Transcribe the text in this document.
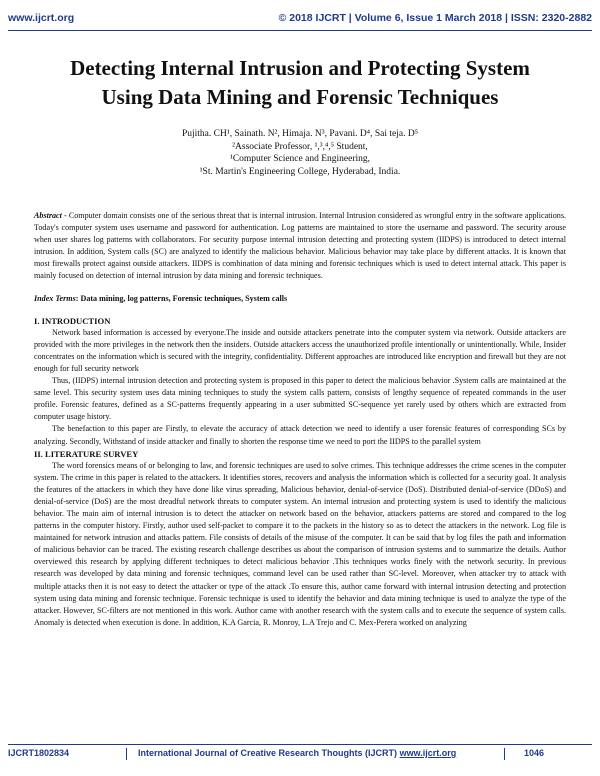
www.ijcrt.org	© 2018 IJCRT | Volume 6, Issue 1 March 2018 | ISSN: 2320-2882
Detecting Internal Intrusion and Protecting System
Using Data Mining and Forensic Techniques
Pujitha. CH¹, Sainath. N², Himaja. N³, Pavani. D⁴, Sai teja. D⁵
²Associate Professor, ¹,³,⁴,⁵ Student,
¹Computer Science and Engineering,
¹St. Martin's Engineering College, Hyderabad, India.

Abstract - Computer domain consists one of the serious threat that is internal intrusion. Internal Intrusion considered as wrongful entry in the software applications. Today's computer system uses username and password for authentication. Log patterns are maintained to store the username and password. The security arouse when user shares log patterns with collaborators. For security purpose internal intrusion detecting and protecting system (IIDPS) is introduced to detect internal intrusion. In addition, System calls (SC) are analyzed to identify the malicious behavior. Malicious behavior may take place by different attacks. It is known that most firewalls protect against outside attackers. IIDPS is combination of data mining and forensic techniques which is used to detect internal attack. This paper is mainly focused on detection of internal intrusion by data mining and forensic techniques.

Index Terms: Data mining, log patterns, Forensic techniques, System calls

I. INTRODUCTION

Network based information is accessed by everyone.The inside and outside attackers penetrate into the computer system via network. Outside attackers are provided with the more privileges in the network then the insiders. Outside attackers access the unauthorized profile intentionally or unintentionally. While, Insider concentrates on the information which is secured with the integrity, confidentiality. Different approaches are introduced like encryption and firewall but they are not enough for full security network

Thus, (IIDPS) internal intrusion detection and protecting system is proposed in this paper to detect the malicious behavior .System calls are maintained at the same level. This security system uses data mining techniques to study the system calls pattern, consists of lengthy sequence of repeated commands in the user profile. Forensic features, defined as a SC-patterns frequently appearing in a user submitted SC-sequence yet rarely used by others which are extracted from computer usage history.

The benefaction to this paper are Firstly, to elevate the accuracy of attack detection we need to identify a user forensic features of corresponding SCs by analyzing. Secondly, Withstand of inside attacker and finally to shorten the response time we need to port the IIDPS to the parallel system

II. LITERATURE SURVEY

The word forensics means of or belonging to law, and forensic techniques are used to solve crimes. This technique addresses the crime scenes in the computer system. The crime in this paper is related to the attackers. It identifies stores, recovers and analysis the information which is collected for a security goal. It analysis the features of the attackers in which they have done like virus spreading, Malicious behavior, denial-of-service (DoS). Distributed denial-of-service (DDoS) and denial-of-service (DoS) are the most dreadful network threats to computer system. An internal intrusion and protecting system is used to identify the malicious behavior. The main aim of internal intrusion is to detect the attacker on network based on the behavior, attackers patterns are stored and compared to the log patterns in the computer history. Firstly, author used self-packet to compare it to the packets in the history so as to detect the attackers in the network. Log file is maintained for network intrusion and attacks pattern. File consists of details of the misuse of the computer. It can be said that by log files the path and information of malicious behavior can be traced. The existing research challenge describes us about the comparison of intrusion systems and to summarize the details. Author overviewed this research by applying different techniques to detect malicious behavior .This techniques works finely with the network security. In previous research was developed by data mining and forensic techniques, command level can be used rather than SC-level. Moreover, when attacker try to attack with multiple attacks then it is not easy to detect the attacker or type of the attack .To ensure this, author came forward with internal intrusion detecting and protection system using data mining and forensic technique. Forensic technique is used to identify the behavior and data mining technique is used to analyze the type of the attacker. However, SC-filters are not mentioned in this work. Author came with another research with the system calls and to execute the sequence of system calls. Anomaly is detected when execution is done. In addition, K.A Garcia, R. Monroy, L.A Trejo and C. Mex-Perera worked on analyzing

IJCRT1802834	International Journal of Creative Research Thoughts (IJCRT) www.ijcrt.org	1046
